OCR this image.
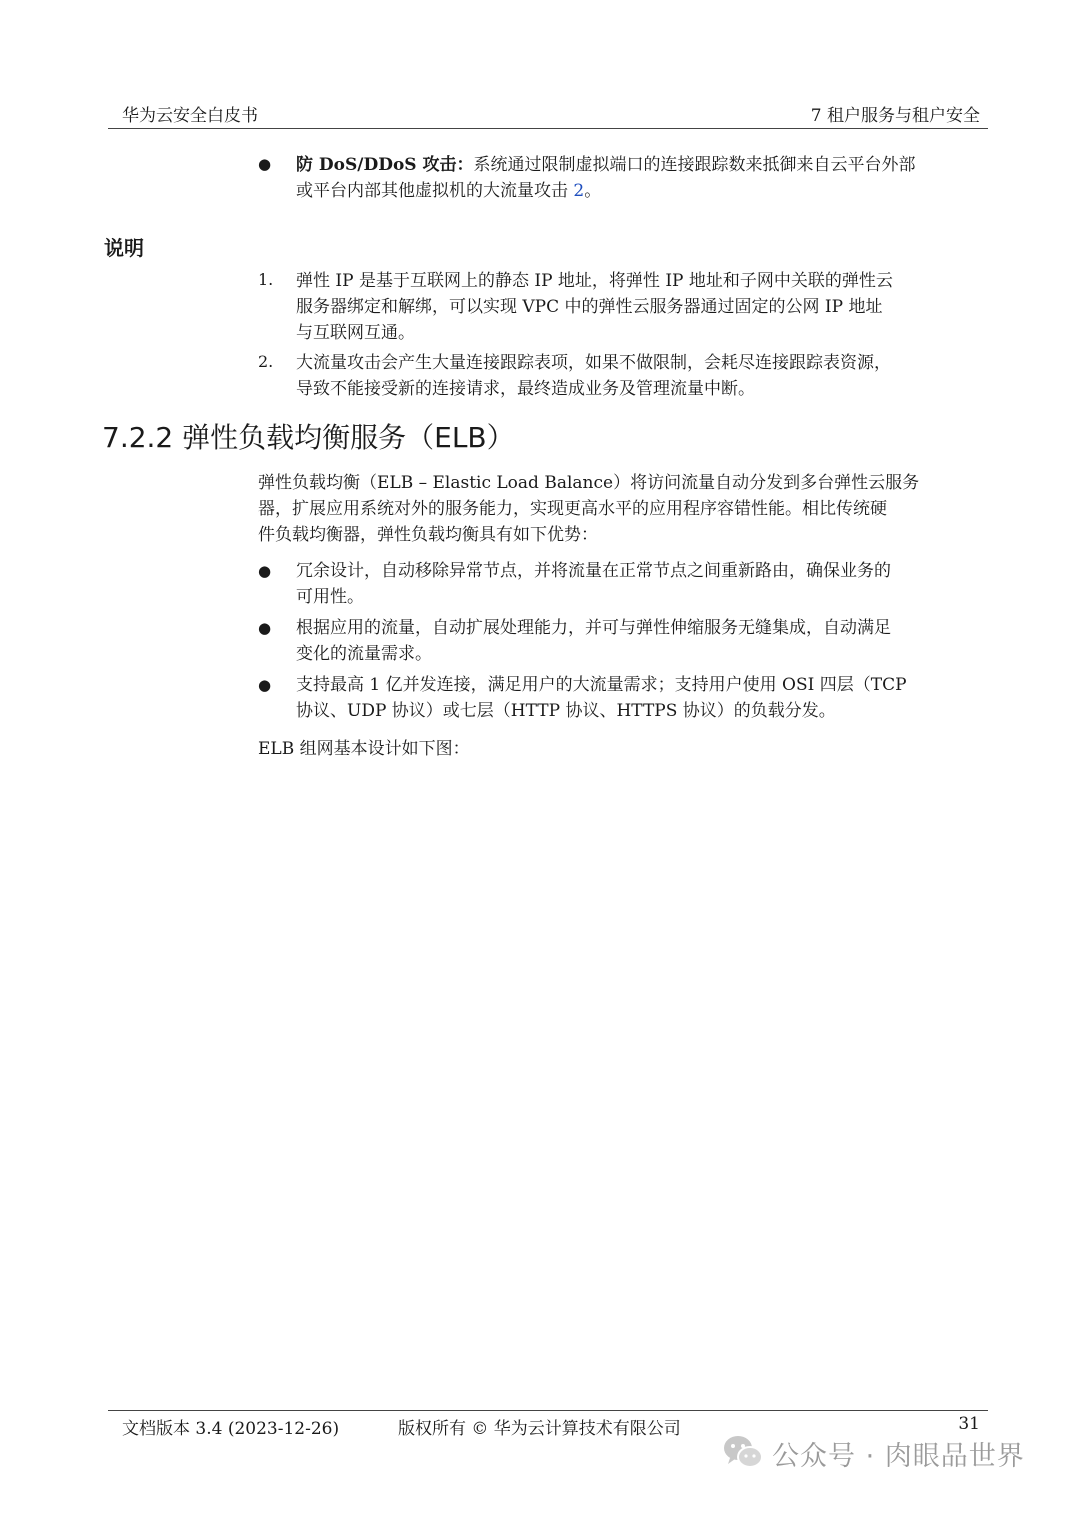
华为云安全白皮书	7 租户服务与租户安全
● 防 DoS/DDoS 攻击：系统通过限制虚拟端口的连接跟踪数来抵御来自云平台外部
或平台内部其他虚拟机的大流量攻击 2。
说明
1. 弹性 IP 是基于互联网上的静态 IP 地址，将弹性 IP 地址和子网中关联的弹性云
服务器绑定和解绑，可以实现 VPC 中的弹性云服务器通过固定的公网 IP 地址
与互联网互通。
2. 大流量攻击会产生大量连接跟踪表项，如果不做限制，会耗尽连接跟踪表资源，
导致不能接受新的连接请求，最终造成业务及管理流量中断。
7.2.2 弹性负载均衡服务（ELB）
弹性负载均衡（ELB – Elastic Load Balance）将访问流量自动分发到多台弹性云服务
器，扩展应用系统对外的服务能力，实现更高水平的应用程序容错性能。相比传统硬
件负载均衡器，弹性负载均衡具有如下优势：
● 冗余设计，自动移除异常节点，并将流量在正常节点之间重新路由，确保业务的
可用性。
● 根据应用的流量，自动扩展处理能力，并可与弹性伸缩服务无缝集成，自动满足
变化的流量需求。
● 支持最高 1 亿并发连接，满足用户的大流量需求；支持用户使用 OSI 四层（TCP
协议、UDP 协议）或七层（HTTP 协议、HTTPS 协议）的负载分发。
ELB 组网基本设计如下图：
文档版本 3.4 (2023-12-26)	版权所有 © 华为云计算技术有限公司	31
公众号 · 肉眼品世界
